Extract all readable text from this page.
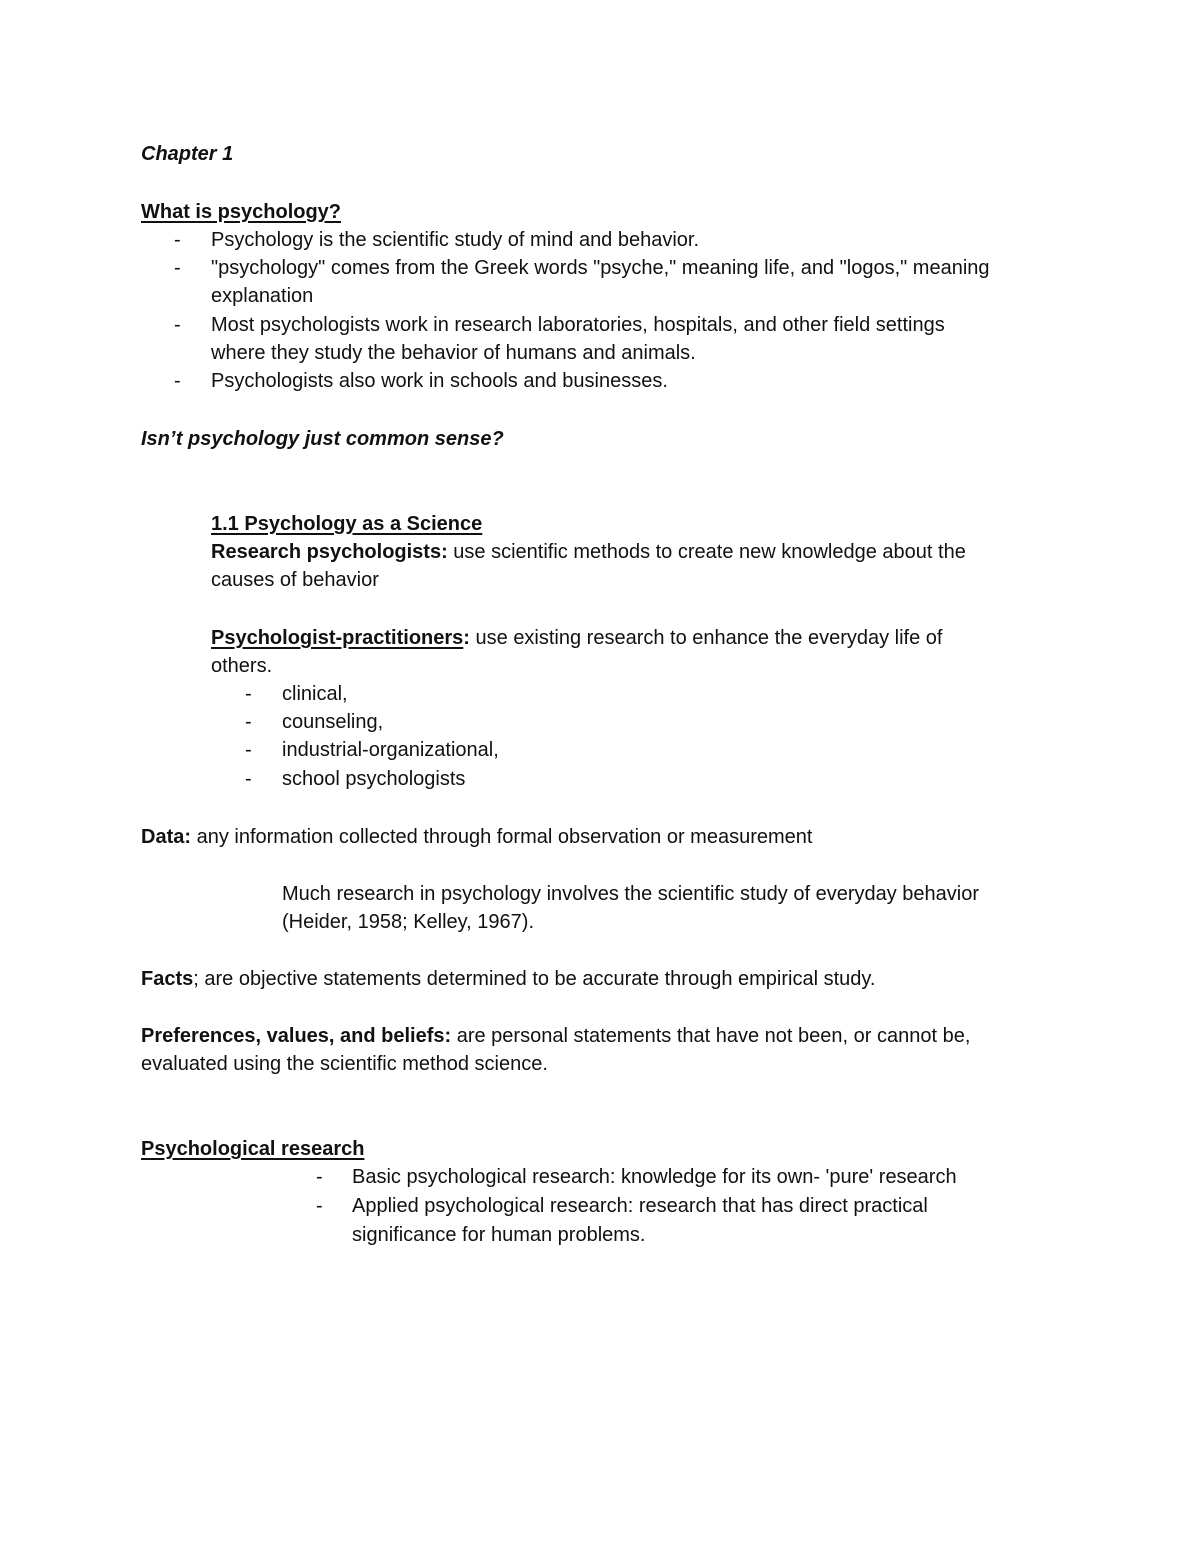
Chapter 1
What is psychology?
- Psychology is the scientific study of mind and behavior.
- "psychology" comes from the Greek words "psyche," meaning life, and "logos," meaning
explanation
- Most psychologists work in research laboratories, hospitals, and other field settings
where they study the behavior of humans and animals.
- Psychologists also work in schools and businesses.
Isn’t psychology just common sense?
1.1 Psychology as a Science
Research psychologists: use scientific methods to create new knowledge about the
causes of behavior
Psychologist-practitioners: use existing research to enhance the everyday life of
others.
- clinical,
- counseling,
- industrial-organizational,
- school psychologists
Data: any information collected through formal observation or measurement
Much research in psychology involves the scientific study of everyday behavior
(Heider, 1958; Kelley, 1967).
Facts; are objective statements determined to be accurate through empirical study.
Preferences, values, and beliefs: are personal statements that have not been, or cannot be,
evaluated using the scientific method science.
Psychological research
- Basic psychological research: knowledge for its own- 'pure' research
- Applied psychological research: research that has direct practical
significance for human problems.
